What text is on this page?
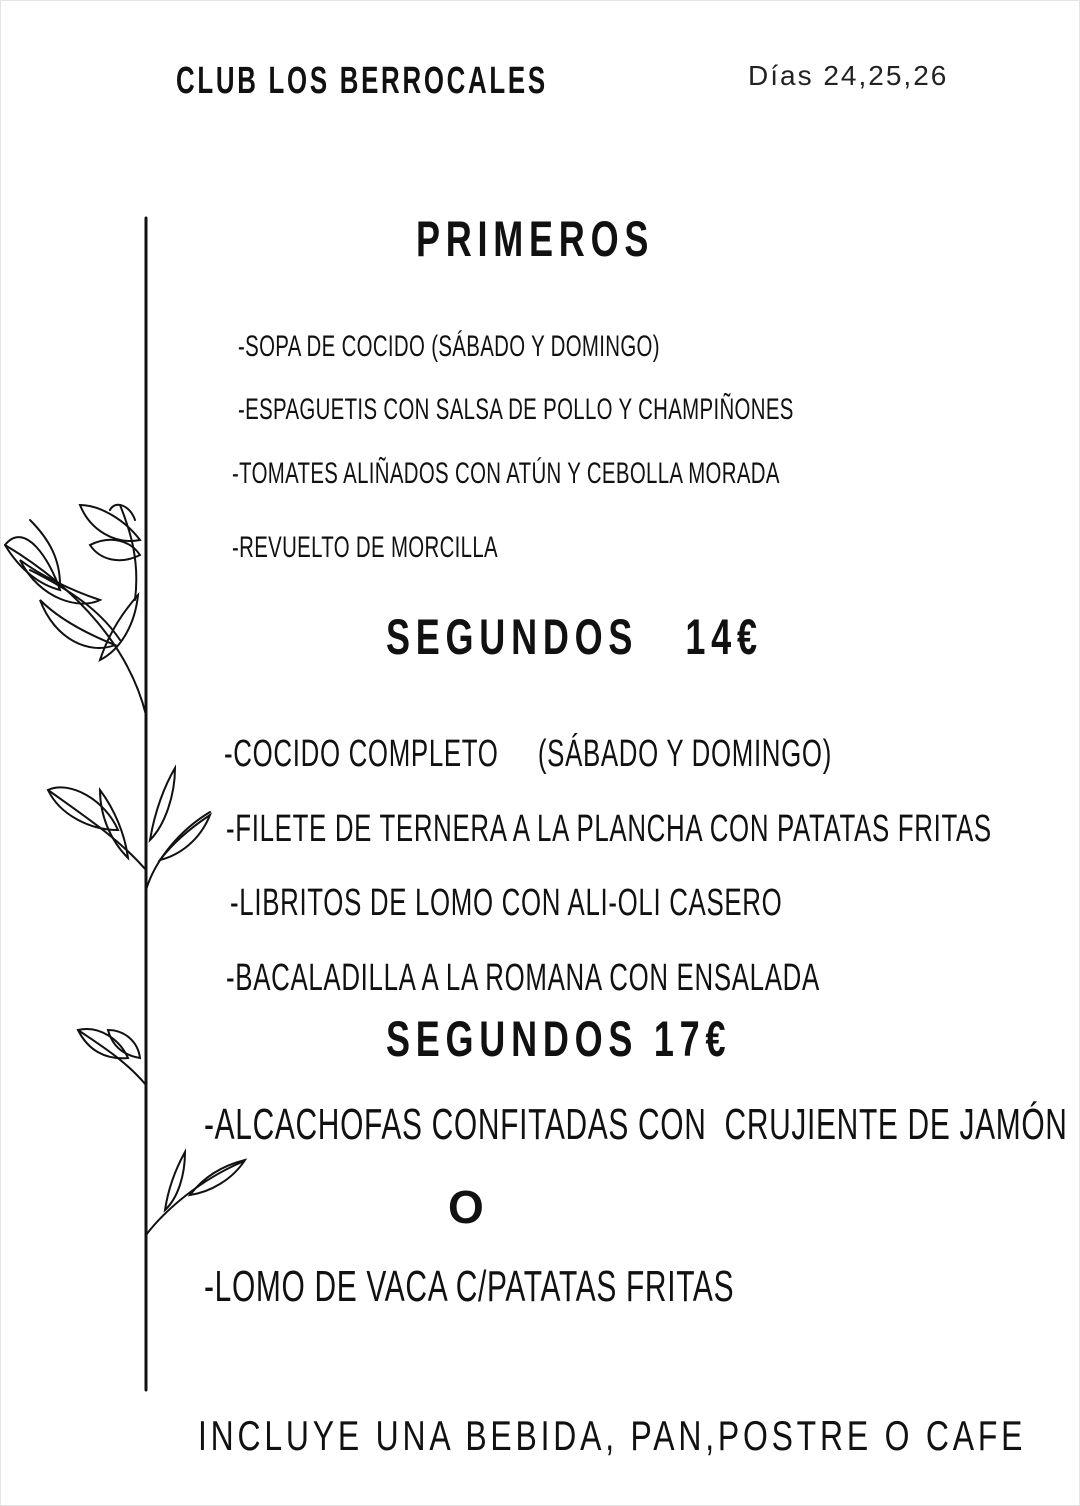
CLUB LOS BERROCALES	Días 24,25,26
PRIMEROS
-SOPA DE COCIDO (SÁBADO Y DOMINGO)
-ESPAGUETIS CON SALSA DE POLLO Y CHAMPIÑONES
-TOMATES ALIÑADOS CON ATÚN Y CEBOLLA MORADA
-REVUELTO DE MORCILLA
SEGUNDOS   14€
-COCIDO COMPLETO     (SÁBADO Y DOMINGO)
-FILETE DE TERNERA A LA PLANCHA CON PATATAS FRITAS
-LIBRITOS DE LOMO CON ALI-OLI CASERO
-BACALADILLA A LA ROMANA CON ENSALADA
SEGUNDOS 17€
-ALCACHOFAS CONFITADAS CON  CRUJIENTE DE JAMÓN
O
-LOMO DE VACA C/PATATAS FRITAS
INCLUYE UNA BEBIDA, PAN,POSTRE O CAFE
